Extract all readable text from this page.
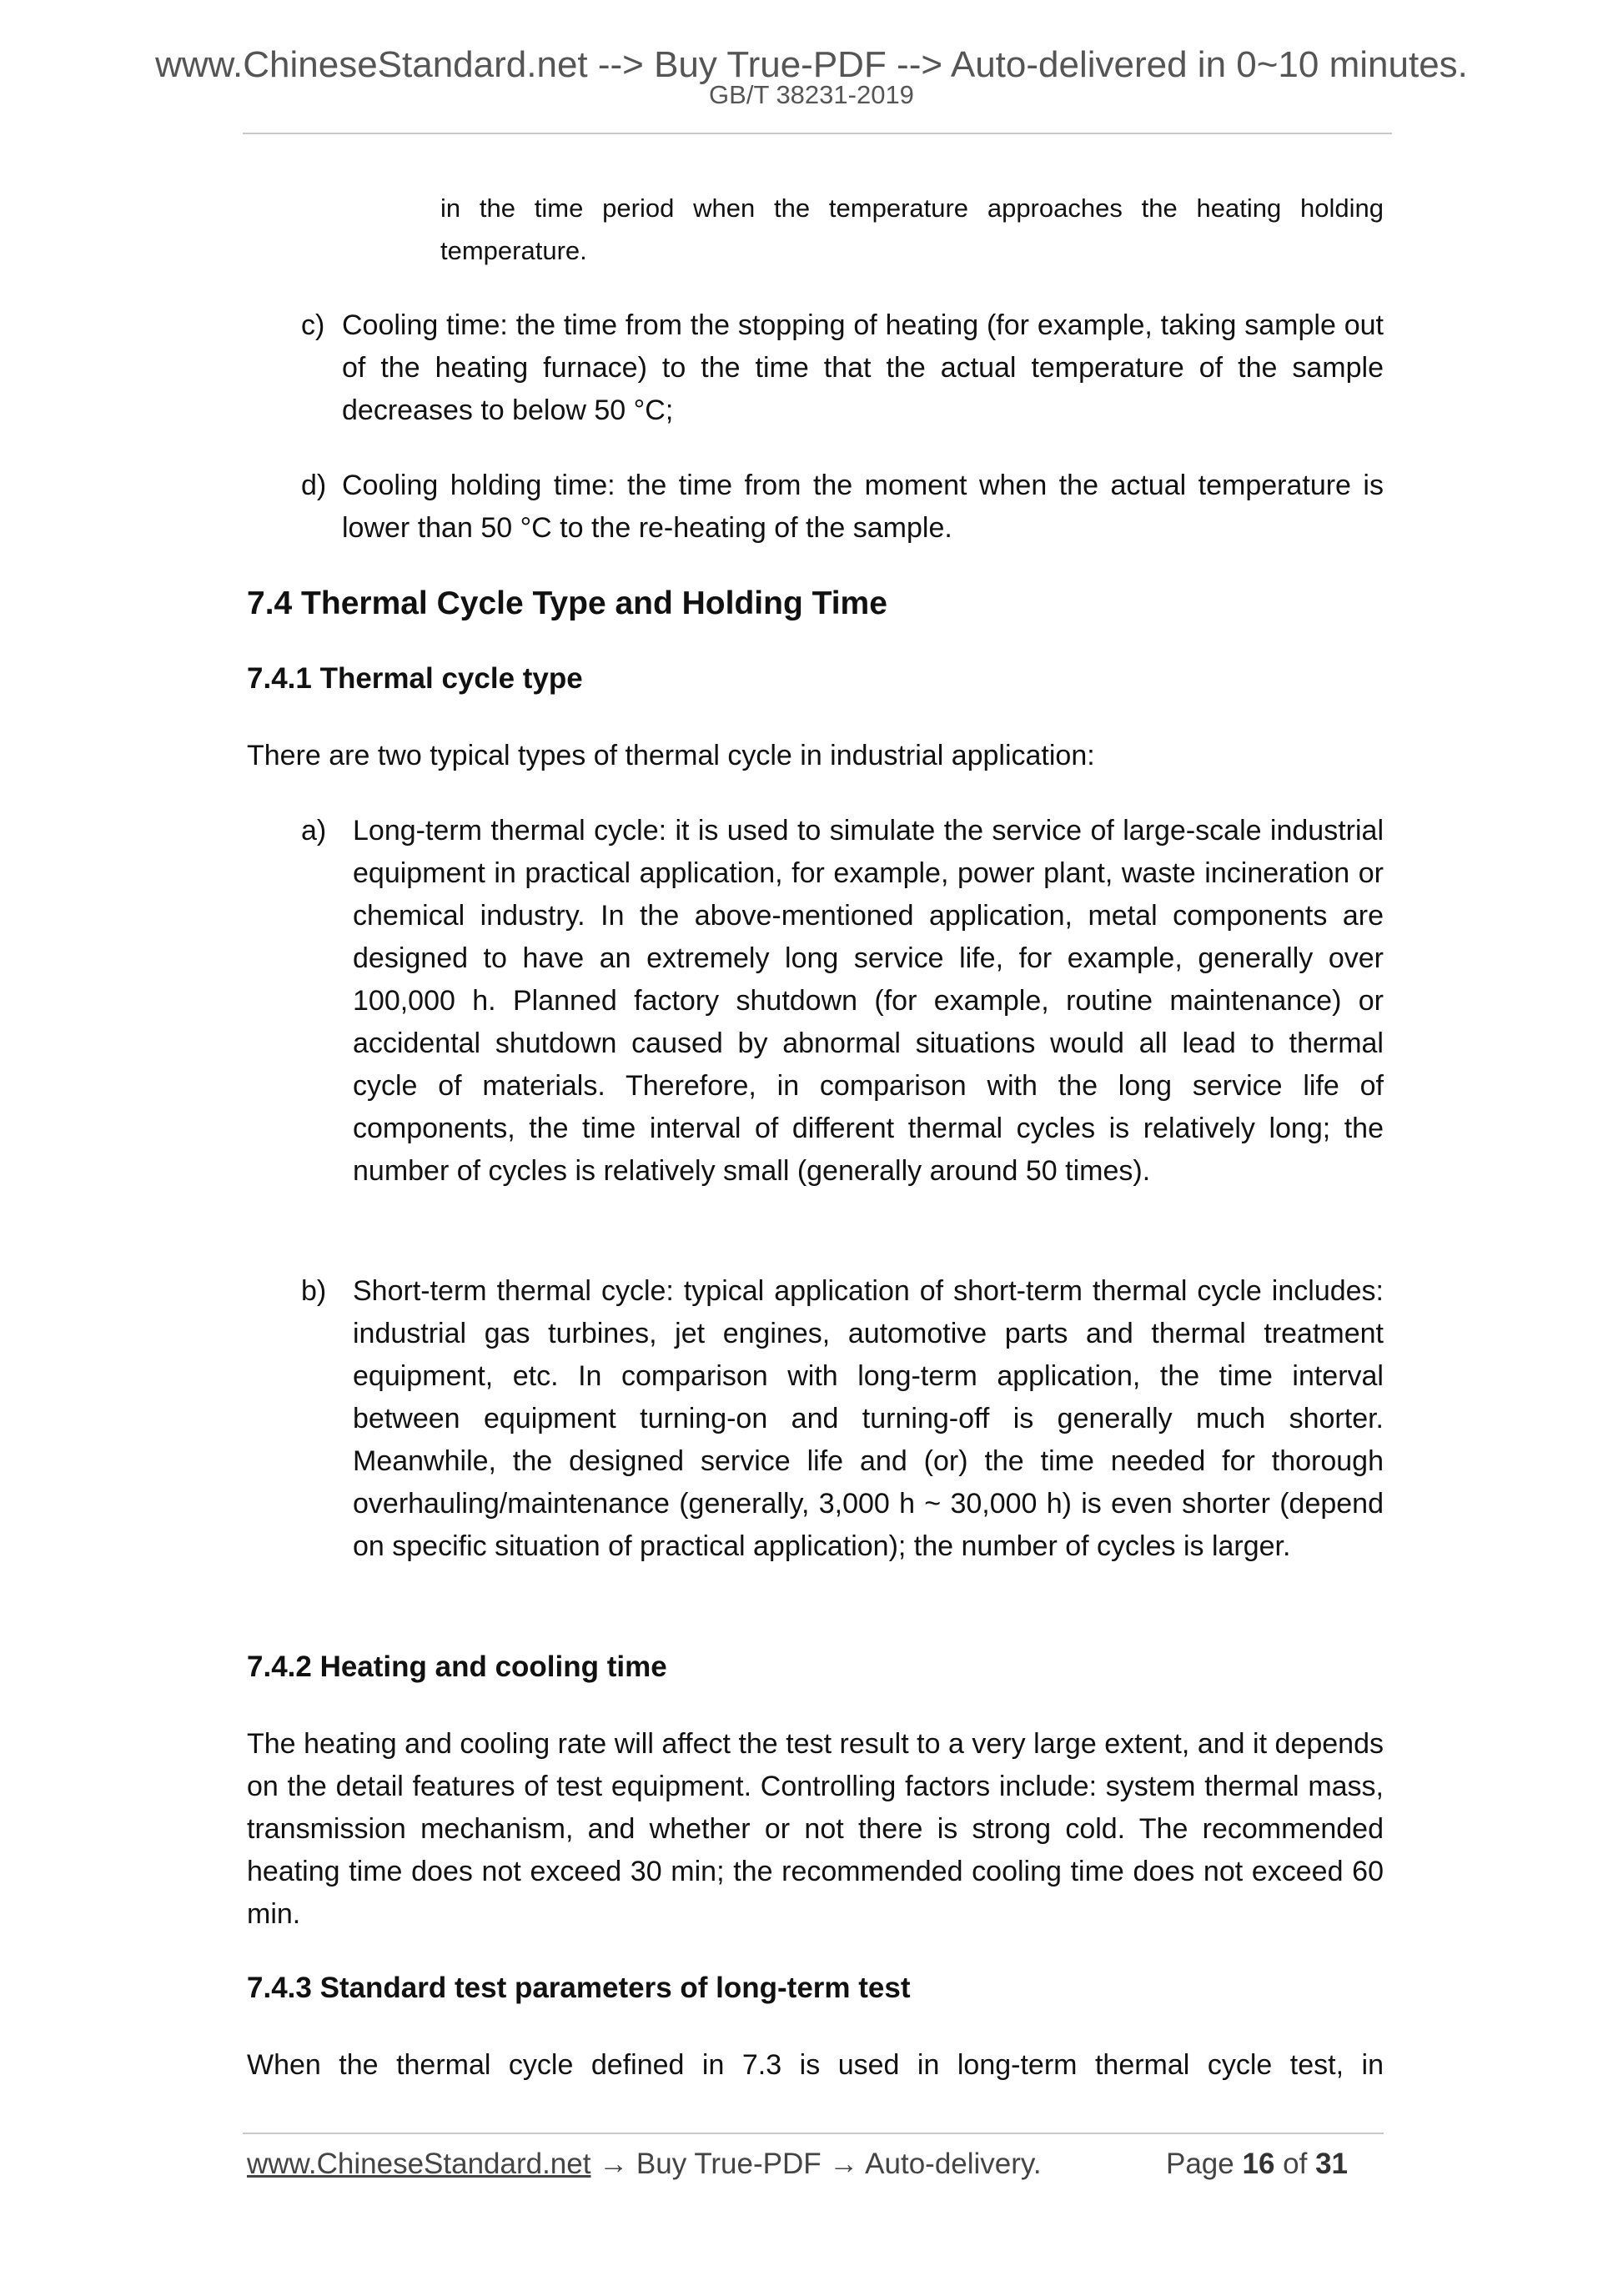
www.ChineseStandard.net --> Buy True-PDF --> Auto-delivered in 0~10 minutes.
GB/T 38231-2019

in the time period when the temperature approaches the heating holding temperature.

c) Cooling time: the time from the stopping of heating (for example, taking sample out of the heating furnace) to the time that the actual temperature of the sample decreases to below 50 °C;

d) Cooling holding time: the time from the moment when the actual temperature is lower than 50 °C to the re-heating of the sample.

7.4 Thermal Cycle Type and Holding Time
7.4.1 Thermal cycle type

There are two typical types of thermal cycle in industrial application:

a) Long-term thermal cycle: it is used to simulate the service of large-scale industrial equipment in practical application, for example, power plant, waste incineration or chemical industry. In the above-mentioned application, metal components are designed to have an extremely long service life, for example, generally over 100,000 h. Planned factory shutdown (for example, routine maintenance) or accidental shutdown caused by abnormal situations would all lead to thermal cycle of materials. Therefore, in comparison with the long service life of components, the time interval of different thermal cycles is relatively long; the number of cycles is relatively small (generally around 50 times).

b) Short-term thermal cycle: typical application of short-term thermal cycle includes: industrial gas turbines, jet engines, automotive parts and thermal treatment equipment, etc. In comparison with long-term application, the time interval between equipment turning-on and turning-off is generally much shorter. Meanwhile, the designed service life and (or) the time needed for thorough overhauling/maintenance (generally, 3,000 h ~ 30,000 h) is even shorter (depend on specific situation of practical application); the number of cycles is larger.

7.4.2 Heating and cooling time

The heating and cooling rate will affect the test result to a very large extent, and it depends on the detail features of test equipment. Controlling factors include: system thermal mass, transmission mechanism, and whether or not there is strong cold. The recommended heating time does not exceed 30 min; the recommended cooling time does not exceed 60 min.

7.4.3 Standard test parameters of long-term test

When the thermal cycle defined in 7.3 is used in long-term thermal cycle test, in

www.ChineseStandard.net → Buy True-PDF → Auto-delivery.	Page 16 of 31
